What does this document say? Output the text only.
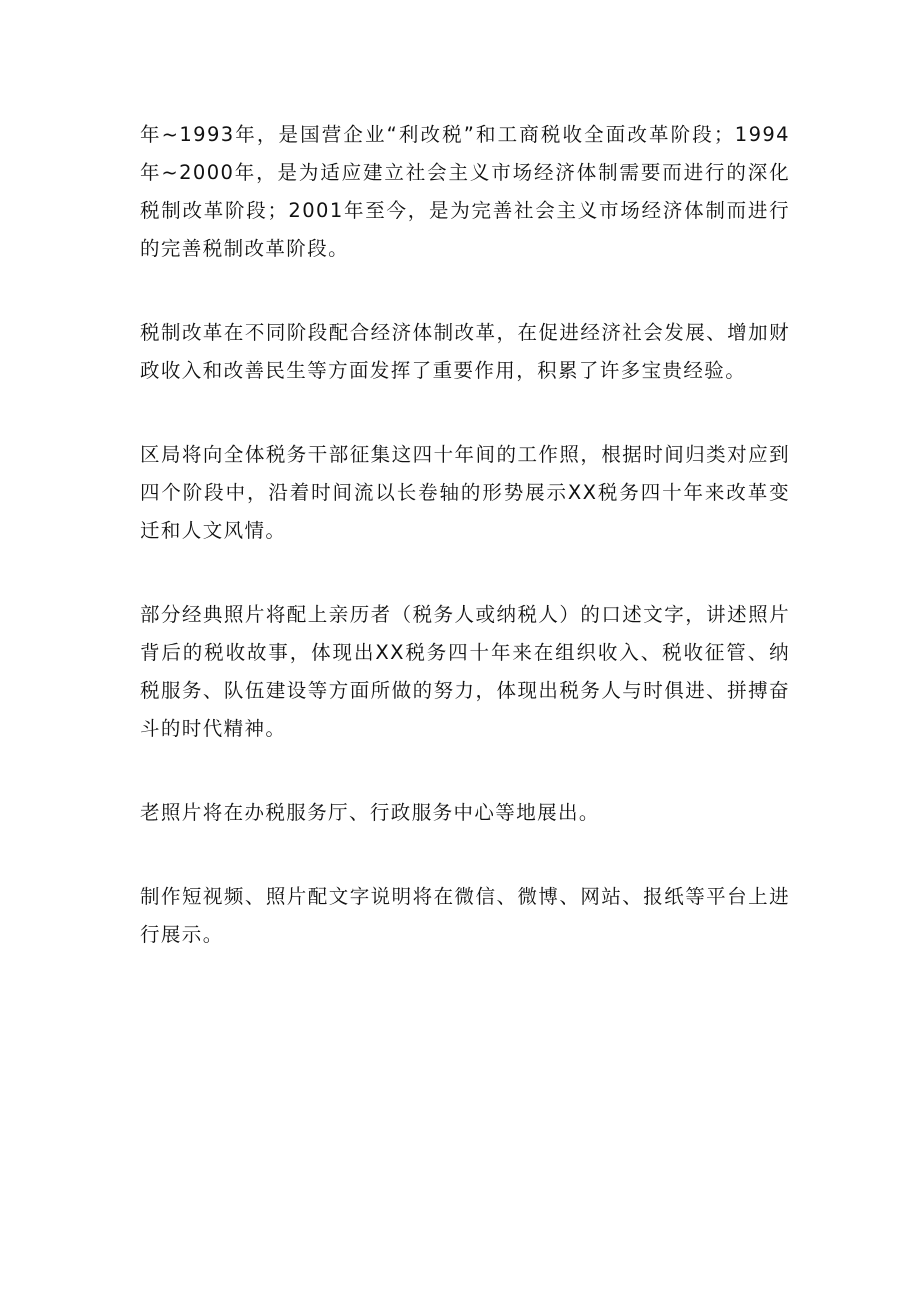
年~1993年，是国营企业“利改税”和工商税收全面改革阶段；1994年~2000年，是为适应建立社会主义市场经济体制需要而进行的深化税制改革阶段；2001年至今，是为完善社会主义市场经济体制而进行的完善税制改革阶段。

税制改革在不同阶段配合经济体制改革，在促进经济社会发展、增加财政收入和改善民生等方面发挥了重要作用，积累了许多宝贵经验。

区局将向全体税务干部征集这四十年间的工作照，根据时间归类对应到四个阶段中，沿着时间流以长卷轴的形势展示XX税务四十年来改革变迁和人文风情。

部分经典照片将配上亲历者（税务人或纳税人）的口述文字，讲述照片背后的税收故事，体现出XX税务四十年来在组织收入、税收征管、纳税服务、队伍建设等方面所做的努力，体现出税务人与时俱进、拼搏奋斗的时代精神。

老照片将在办税服务厅、行政服务中心等地展出。

制作短视频、照片配文字说明将在微信、微博、网站、报纸等平台上进行展示。
